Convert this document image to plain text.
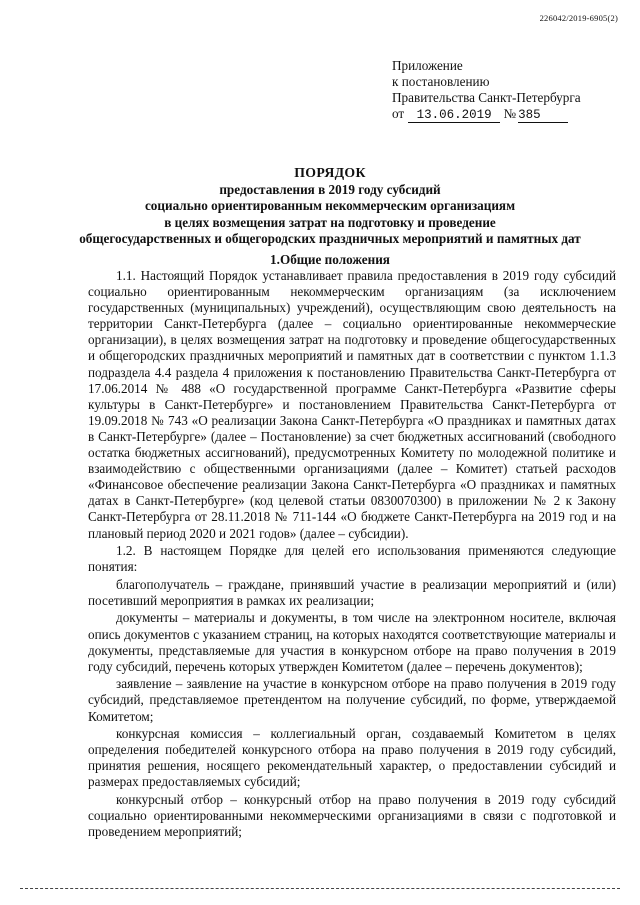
226042/2019-6905(2)
Приложение
к постановлению
Правительства Санкт-Петербурга
от 13.06.2019 № 385
ПОРЯДОК
предоставления в 2019 году субсидий
социально ориентированным некоммерческим организациям
в целях возмещения затрат на подготовку и проведение
общегосударственных и общегородских праздничных мероприятий и памятных дат
1.Общие положения

1.1. Настоящий Порядок устанавливает правила предоставления в 2019 году субсидий социально ориентированным некоммерческим организациям (за исключением государственных (муниципальных) учреждений), осуществляющим свою деятельность на территории Санкт-Петербурга (далее – социально ориентированные некоммерческие организации), в целях возмещения затрат на подготовку и проведение общегосударственных и общегородских праздничных мероприятий и памятных дат в соответствии с пунктом 1.1.3 подраздела 4.4 раздела 4 приложения к постановлению Правительства Санкт-Петербурга от 17.06.2014 № 488 «О государственной программе Санкт-Петербурга «Развитие сферы культуры в Санкт-Петербурге» и постановлением Правительства Санкт-Петербурга от 19.09.2018 № 743 «О реализации Закона Санкт-Петербурга «О праздниках и памятных датах в Санкт-Петербурге» (далее – Постановление) за счет бюджетных ассигнований (свободного остатка бюджетных ассигнований), предусмотренных Комитету по молодежной политике и взаимодействию с общественными организациями (далее – Комитет) статьей расходов «Финансовое обеспечение реализации Закона Санкт-Петербурга «О праздниках и памятных датах в Санкт-Петербурге» (код целевой статьи 0830070300) в приложении № 2 к Закону Санкт-Петербурга от 28.11.2018 № 711-144 «О бюджете Санкт-Петербурга на 2019 год и на плановый период 2020 и 2021 годов» (далее – субсидии).

1.2. В настоящем Порядке для целей его использования применяются следующие понятия:

благополучатель – граждане, принявший участие в реализации мероприятий и (или) посетивший мероприятия в рамках их реализации;

документы – материалы и документы, в том числе на электронном носителе, включая опись документов с указанием страниц, на которых находятся соответствующие материалы и документы, представляемые для участия в конкурсном отборе на право получения в 2019 году субсидий, перечень которых утвержден Комитетом (далее – перечень документов);

заявление – заявление на участие в конкурсном отборе на право получения в 2019 году субсидий, представляемое претендентом на получение субсидий, по форме, утверждаемой Комитетом;

конкурсная комиссия – коллегиальный орган, создаваемый Комитетом в целях определения победителей конкурсного отбора на право получения в 2019 году субсидий, принятия решения, носящего рекомендательный характер, о предоставлении субсидий и размерах предоставляемых субсидий;

конкурсный отбор – конкурсный отбор на право получения в 2019 году субсидий социально ориентированными некоммерческими организациями в связи с подготовкой и проведением мероприятий;
